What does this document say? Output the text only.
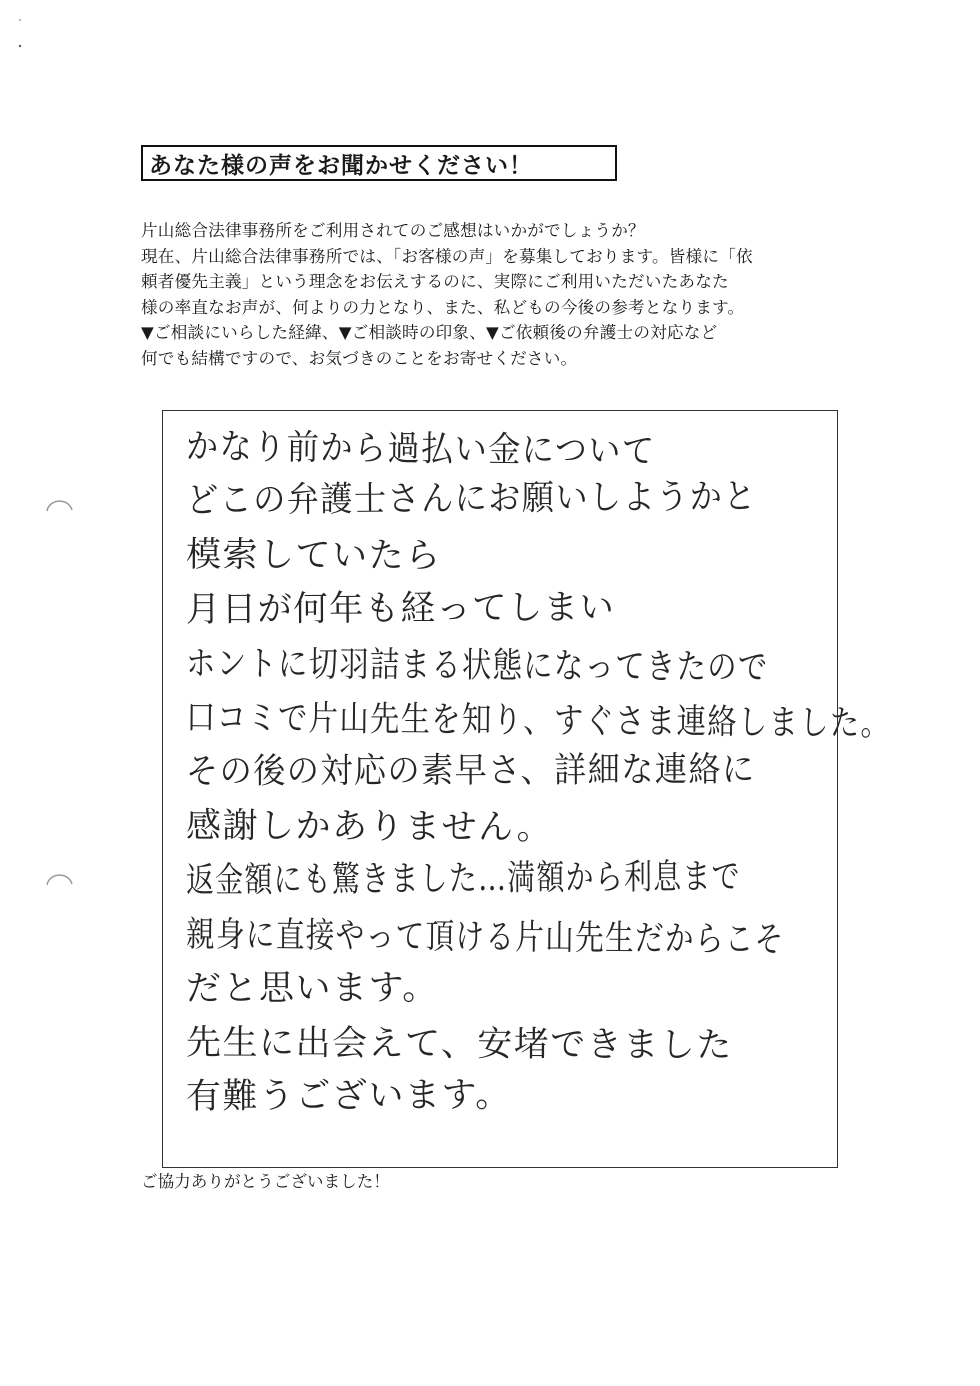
あなた様の声をお聞かせください！
片山総合法律事務所をご利用されてのご感想はいかがでしょうか？
現在、片山総合法律事務所では、「お客様の声」を募集しております。皆様に「依
頼者優先主義」という理念をお伝えするのに、実際にご利用いただいたあなた
様の率直なお声が、何よりの力となり、また、私どもの今後の参考となります。
▼ご相談にいらした経緯、▼ご相談時の印象、▼ご依頼後の弁護士の対応など
何でも結構ですので、お気づきのことをお寄せください。
かなり前から過払い金について
どこの弁護士さんにお願いしようかと
模索していたら
月日が何年も経ってしまい
ホントに切羽詰まる状態になってきたので
口コミで片山先生を知り、すぐさま連絡しました。
その後の対応の素早さ、詳細な連絡に
感謝しかありません。
返金額にも驚きました…満額から利息まで
親身に直接やって頂ける片山先生だからこそ
だと思います。
先生に出会えて、安堵できました
有難うございます。
ご協力ありがとうございました！
